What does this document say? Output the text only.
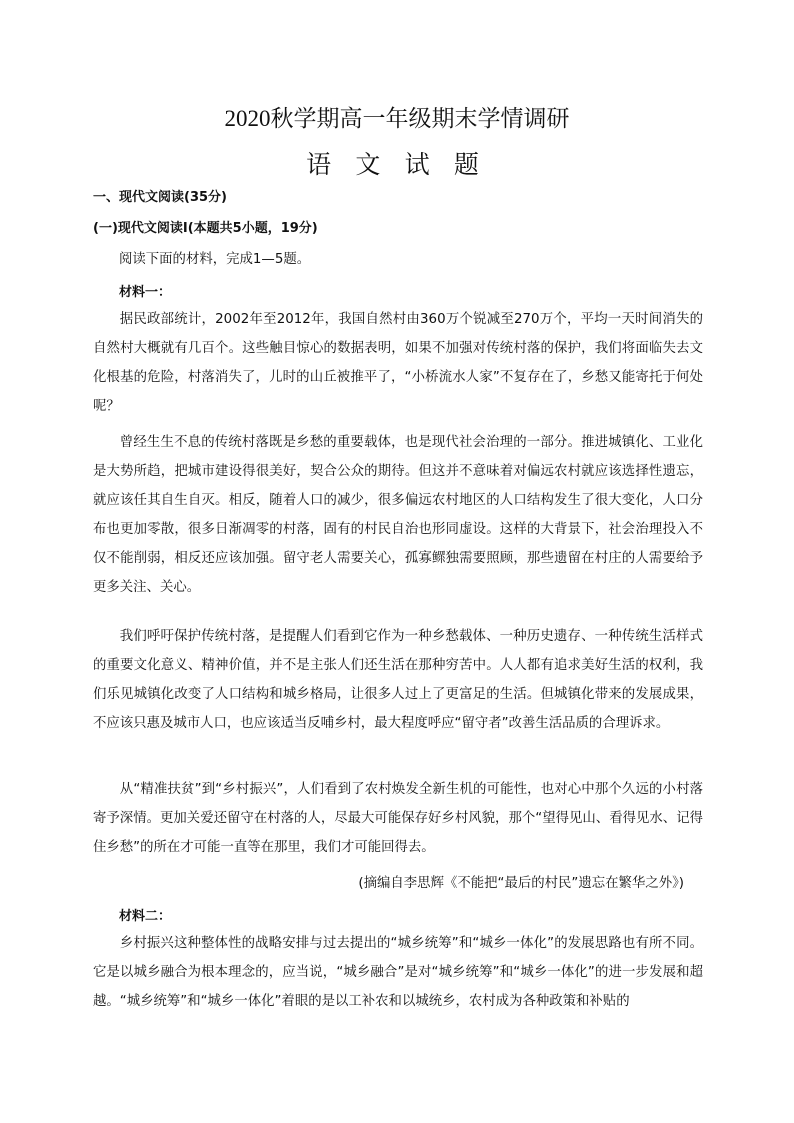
2020秋学期高一年级期末学情调研
语 文 试 题
一、现代文阅读(35分)
(一)现代文阅读Ⅰ(本题共5小题，19分)
阅读下面的材料，完成1—5题。
材料一：
据民政部统计，2002年至2012年，我国自然村由360万个锐减至270万个，平均一天时间消失的自然村大概就有几百个。这些触目惊心的数据表明，如果不加强对传统村落的保护，我们将面临失去文化根基的危险，村落消失了，儿时的山丘被推平了，“小桥流水人家”不复存在了，乡愁又能寄托于何处呢？
曾经生生不息的传统村落既是乡愁的重要载体，也是现代社会治理的一部分。推进城镇化、工业化是大势所趋，把城市建设得很美好，契合公众的期待。但这并不意味着对偏远农村就应该选择性遗忘，就应该任其自生自灭。相反，随着人口的减少，很多偏远农村地区的人口结构发生了很大变化，人口分布也更加零散，很多日渐凋零的村落，固有的村民自治也形同虚设。这样的大背景下，社会治理投入不仅不能削弱，相反还应该加强。留守老人需要关心，孤寡鳏独需要照顾，那些遗留在村庄的人需要给予更多关注、关心。
我们呼吁保护传统村落，是提醒人们看到它作为一种乡愁载体、一种历史遗存、一种传统生活样式的重要文化意义、精神价值，并不是主张人们还生活在那种穷苦中。人人都有追求美好生活的权利，我们乐见城镇化改变了人口结构和城乡格局，让很多人过上了更富足的生活。但城镇化带来的发展成果，不应该只惠及城市人口，也应该适当反哺乡村，最大程度呼应“留守者”改善生活品质的合理诉求。
从“精准扶贫”到“乡村振兴”，人们看到了农村焕发全新生机的可能性，也对心中那个久远的小村落寄予深情。更加关爱还留守在村落的人，尽最大可能保存好乡村风貌，那个“望得见山、看得见水、记得住乡愁”的所在才可能一直等在那里，我们才可能回得去。
(摘编自李思辉《不能把“最后的村民”遗忘在繁华之外》)
材料二：
乡村振兴这种整体性的战略安排与过去提出的“城乡统筹”和“城乡一体化”的发展思路也有所不同。它是以城乡融合为根本理念的，应当说，“城乡融合”是对“城乡统筹”和“城乡一体化”的进一步发展和超越。“城乡统筹”和“城乡一体化”着眼的是以工补农和以城统乡，农村成为各种政策和补贴的
